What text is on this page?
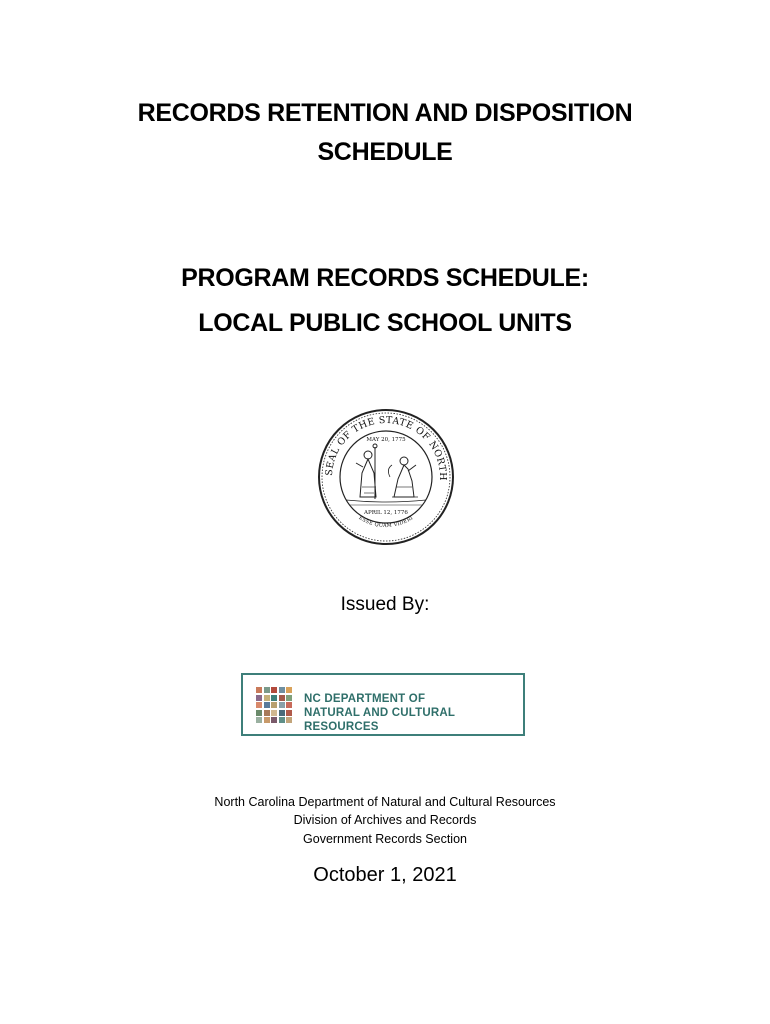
RECORDS RETENTION AND DISPOSITION
SCHEDULE
PROGRAM RECORDS SCHEDULE:
LOCAL PUBLIC SCHOOL UNITS
SEAL OF THE STATE OF NORTH
MAY 20, 1775
APRIL 12, 1776
ESSE QUAM VIDERI
Issued By:
NC DEPARTMENT OF
NATURAL AND CULTURAL RESOURCES
North Carolina Department of Natural and Cultural Resources
Division of Archives and Records
Government Records Section
October 1, 2021
